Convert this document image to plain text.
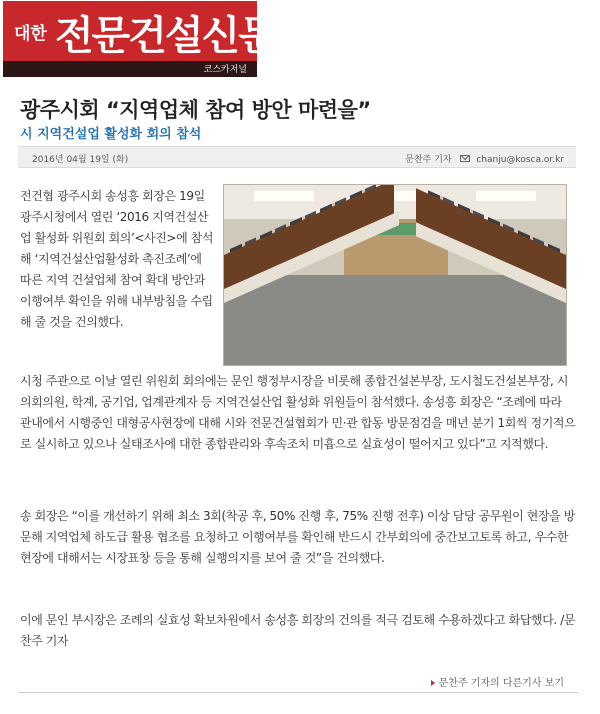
대한 전문건설신문
코스카저널
광주시회 “지역업체 참여 방안 마련을”
시 지역건설업 활성화 회의 참석
2016년 04월 19일 (화)	문찬주 기자	chanju@kosca.or.kr

전건협 광주시회 송성흥 회장은 19일 광주시청에서 열린 ‘2016 지역건설산업 활성화 위원회 회의’<사진>에 참석해 ‘지역건설산업활성화 촉진조례’에 따른 지역 건설업체 참여 확대 방안과 이행여부 확인을 위해 내부방침을 수립해 줄 것을 건의했다.

시청 주관으로 이날 열린 위원회 회의에는 문인 행정부시장을 비롯해 종합건설본부장, 도시철도건설본부장, 시의회의원, 학계, 공기업, 업계관계자 등 지역건설산업 활성화 위원들이 참석했다. 송성흥 회장은 “조례에 따라 관내에서 시행중인 대형공사현장에 대해 시와 전문건설협회가 민·관 합동 방문점검을 매년 분기 1회씩 정기적으로 실시하고 있으나 실태조사에 대한 종합관리와 후속조치 미흡으로 실효성이 떨어지고 있다”고 지적했다.

송 회장은 “이를 개선하기 위해 최소 3회(착공 후, 50% 진행 후, 75% 진행 전후) 이상 담당 공무원이 현장을 방문해 지역업체 하도급 활용 협조를 요청하고 이행여부를 확인해 반드시 간부회의에 중간보고토록 하고, 우수한 현장에 대해서는 시장표창 등을 통해 실행의지를 보여 줄 것”을 건의했다.

이에 문인 부시장은 조례의 실효성 확보차원에서 송성흥 회장의 건의를 적극 검토해 수용하겠다고 화답했다. /문찬주 기자

문찬주 기자의 다른기사 보기
